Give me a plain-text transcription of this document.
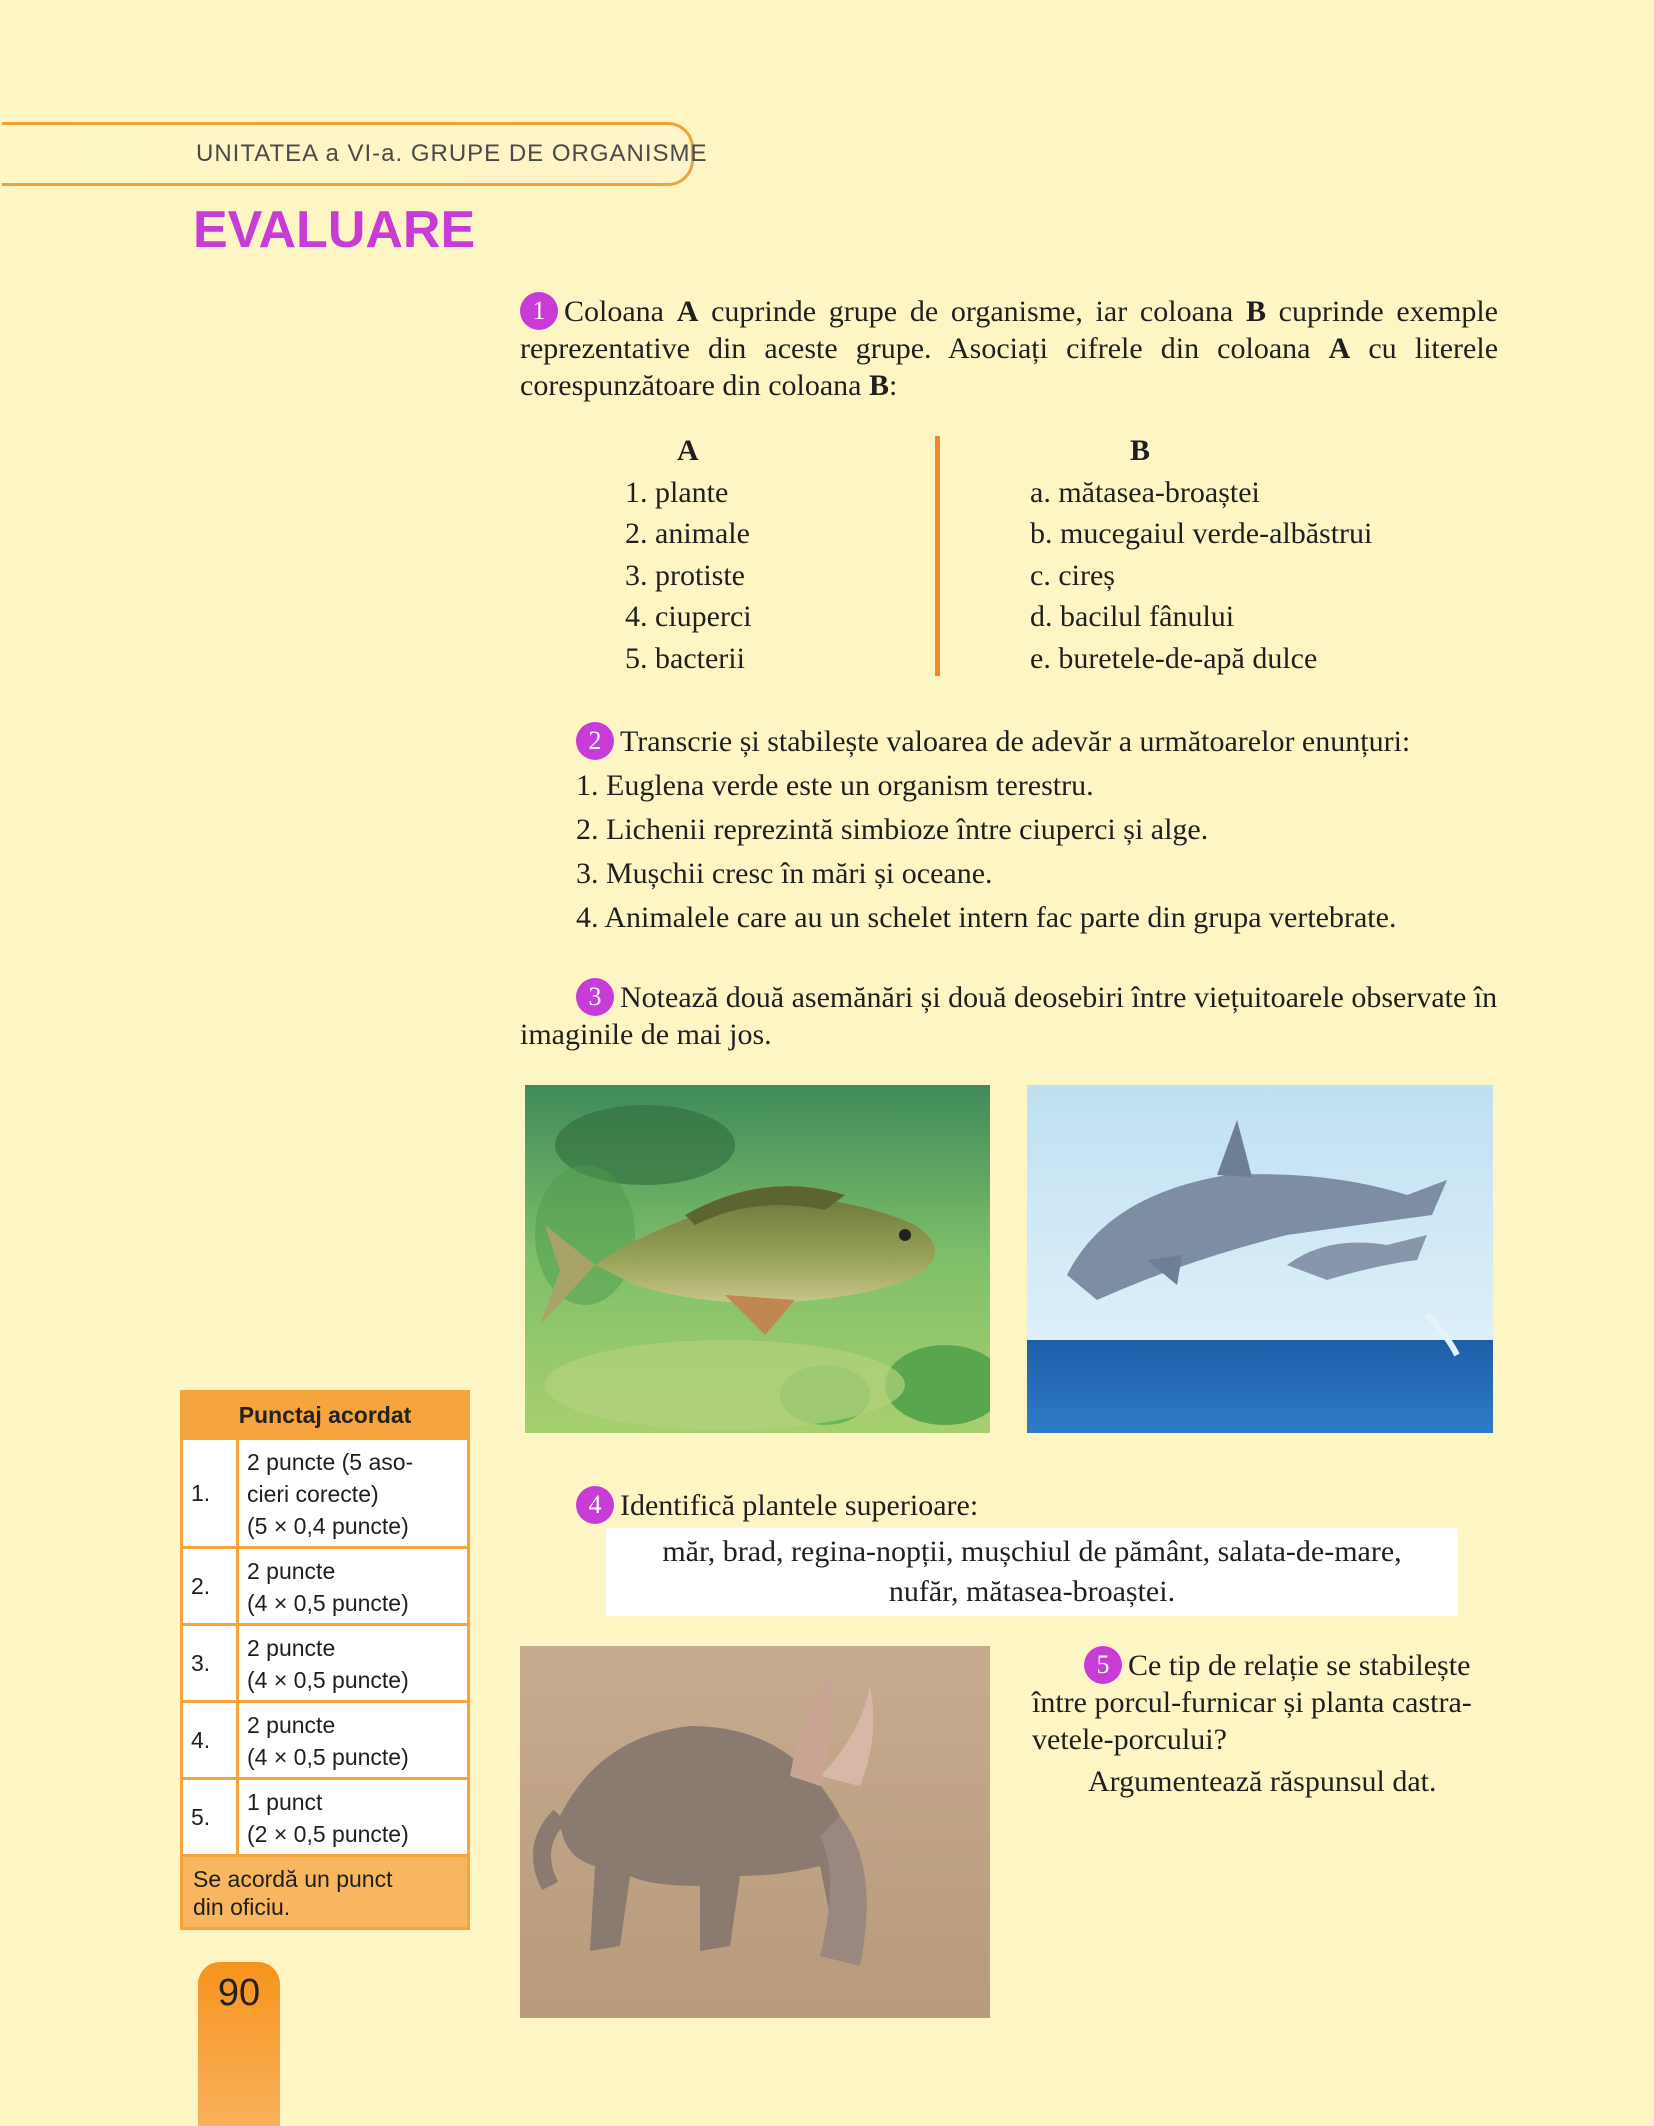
UNITATEA a VI-a. GRUPE DE ORGANISME
EVALUARE
1 Coloana A cuprinde grupe de organisme, iar coloana B cuprinde exemple reprezentative din aceste grupe. Asociați cifrele din coloana A cu literele corespunzătoare din coloana B:
A
1. plante
2. animale
3. protiste
4. ciuperci
5. bacterii
B
a. mătasea-broaștei
b. mucegaiul verde-albăstrui
c. cireș
d. bacilul fânului
e. buretele-de-apă dulce
2 Transcrie și stabilește valoarea de adevăr a următoarelor enunțuri:
1. Euglena verde este un organism terestru.
2. Lichenii reprezintă simbioze între ciuperci și alge.
3. Mușchii cresc în mări și oceane.
4. Animalele care au un schelet intern fac parte din grupa vertebrate.
3 Notează două asemănări și două deosebiri între viețuitoarele observate în imaginile de mai jos.
4 Identifică plantele superioare:
măr, brad, regina-nopții, mușchiul de pământ, salata-de-mare,
nufăr, mătasea-broaștei.
5 Ce tip de relație se stabilește între porcul-furnicar și planta castra-vetele-porcului?
Argumentează răspunsul dat.
Punctaj acordat
1.
2 puncte (5 aso-
cieri corecte)
(5 × 0,4 puncte)
2.
2 puncte
(4 × 0,5 puncte)
3.
2 puncte
(4 × 0,5 puncte)
4.
2 puncte
(4 × 0,5 puncte)
5.
1 punct
(2 × 0,5 puncte)
Se acordă un punct
din oficiu.
90
